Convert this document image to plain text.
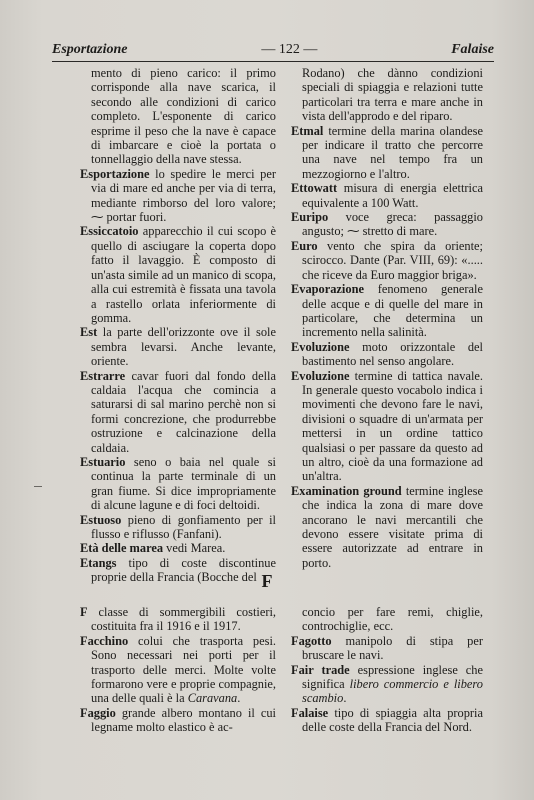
Esportazione	— 122 —	Falaise

mento di pieno carico: il primo corrisponde alla nave scarica, il secondo alle condizioni di carico completo. L'esponente di carico esprime il peso che la nave è capace di imbarcare e cioè la portata o tonnellaggio della nave stessa.

Esportazione lo spedire le merci per via di mare ed anche per via di terra, mediante rimborso del loro valore; ⁓ portar fuori.

Essiccatoio apparecchio il cui scopo è quello di asciugare la coperta dopo fatto il lavaggio. È composto di un'asta simile ad un manico di scopa, alla cui estremità è fissata una tavola a rastello orlata inferiormente di gomma.

Est la parte dell'orizzonte ove il sole sembra levarsi. Anche levante, oriente.

Estrarre cavar fuori dal fondo della caldaia l'acqua che comincia a saturarsi di sal marino perchè non si formi concrezione, che produrrebbe ostruzione e calcinazione della caldaia.

Estuario seno o baia nel quale si continua la parte terminale di un gran fiume. Si dice impropriamente di alcune lagune e di foci deltoidi.

Estuoso pieno di gonfiamento per il flusso e riflusso (Fanfani).

Età delle marea vedi Marea.

Etangs tipo di coste discontinue proprie della Francia (Bocche del

Rodano) che dànno condizioni speciali di spiaggia e relazioni tutte particolari tra terra e mare anche in vista dell'approdo e del riparo.

Etmal termine della marina olandese per indicare il tratto che percorre una nave nel tempo fra un mezzogiorno e l'altro.

Ettowatt misura di energia elettrica equivalente a 100 Watt.

Euripo voce greca: passaggio angusto; ⁓ stretto di mare.

Euro vento che spira da oriente; scirocco. Dante (Par. VIII, 69): «..... che riceve da Euro maggior briga».

Evaporazione fenomeno generale delle acque e di quelle del mare in particolare, che determina un incremento nella salinità.

Evoluzione moto orizzontale del bastimento nel senso angolare.

Evoluzione termine di tattica navale. In generale questo vocabolo indica i movimenti che devono fare le navi, divisioni o squadre di un'armata per mettersi in un ordine tattico qualsiasi o per passare da questo ad un altro, cioè da una formazione ad un'altra.

Examination ground termine inglese che indica la zona di mare dove ancorano le navi mercantili che devono essere visitate prima di essere autorizzate ad entrare in porto.

F

F classe di sommergibili costieri, costituita fra il 1916 e il 1917.

Facchino colui che trasporta pesi. Sono necessari nei porti per il trasporto delle merci. Molte volte formarono vere e proprie compagnie, una delle quali è la Caravana.

Faggio grande albero montano il cui legname molto elastico è ac-

concio per fare remi, chiglie, controchiglie, ecc.

Fagotto manipolo di stipa per bruscare le navi.

Fair trade espressione inglese che significa libero commercio e libero scambio.

Falaise tipo di spiaggia alta propria delle coste della Francia del Nord.
